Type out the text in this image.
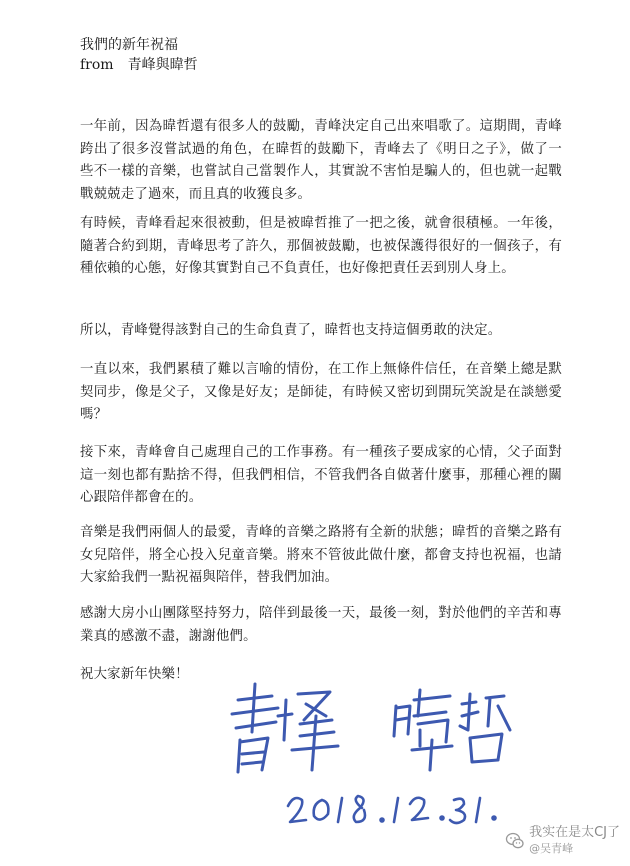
我們的新年祝福
from　青峰與暐哲

一年前，因為暐哲還有很多人的鼓勵，青峰決定自己出來唱歌了。這期間，青峰跨出了很多沒嘗試過的角色，在暐哲的鼓勵下，青峰去了《明日之子》，做了一些不一樣的音樂，也嘗試自己當製作人，其實說不害怕是騙人的，但也就一起戰戰兢兢走了過來，而且真的收獲良多。

有時候，青峰看起來很被動，但是被暐哲推了一把之後，就會很積極。一年後，隨著合約到期，青峰思考了許久，那個被鼓勵，也被保護得很好的一個孩子，有種依賴的心態，好像其實對自己不負責任，也好像把責任丟到別人身上。

所以，青峰覺得該對自己的生命負責了，暐哲也支持這個勇敢的決定。

一直以來，我們累積了難以言喻的情份，在工作上無條件信任，在音樂上總是默契同步，像是父子，又像是好友；是師徒，有時候又密切到開玩笑說是在談戀愛嗎？

接下來，青峰會自己處理自己的工作事務。有一種孩子要成家的心情，父子面對這一刻也都有點捨不得，但我們相信，不管我們各自做著什麼事，那種心裡的關心跟陪伴都會在的。

音樂是我們兩個人的最愛，青峰的音樂之路將有全新的狀態；暐哲的音樂之路有女兒陪伴，將全心投入兒童音樂。將來不管彼此做什麼，都會支持也祝福，也請大家給我們一點祝福與陪伴，替我們加油。

感謝大房小山團隊堅持努力，陪伴到最後一天，最後一刻，對於他們的辛苦和專業真的感激不盡，謝謝他們。

祝大家新年快樂！

我实在是太CJ了
@吴青峰
